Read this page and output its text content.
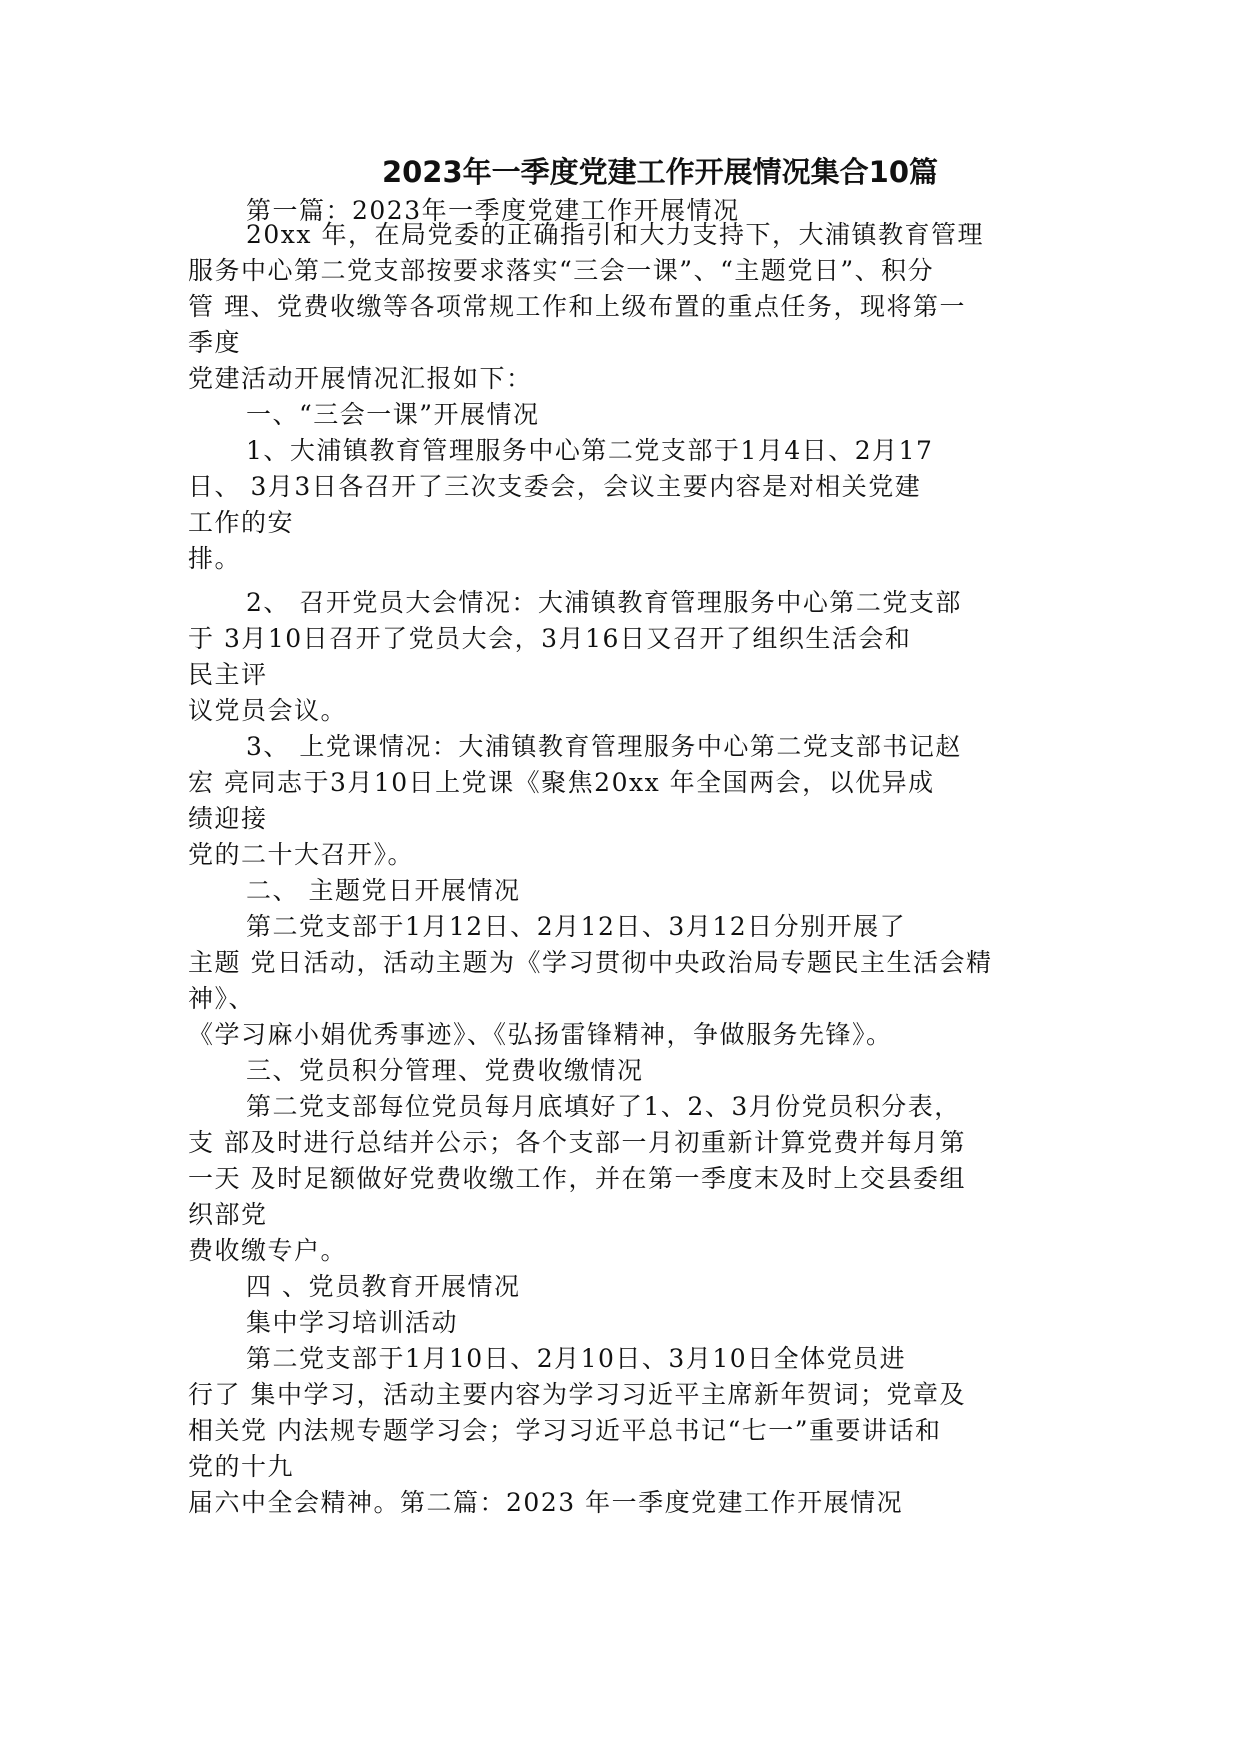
2023年一季度党建工作开展情况集合10篇
第一篇：2023年一季度党建工作开展情况
20xx 年，在局党委的正确指引和大力支持下，大浦镇教育管理
服务中心第二党支部按要求落实“三会一课”、“主题党日”、积分
管 理、党费收缴等各项常规工作和上级布置的重点任务，现将第一
季度
党建活动开展情况汇报如下：
一、“三会一课”开展情况
1、大浦镇教育管理服务中心第二党支部于1月4日、2月17
日、 3月3日各召开了三次支委会，会议主要内容是对相关党建
工作的安
排。
2、 召开党员大会情况：大浦镇教育管理服务中心第二党支部
于 3月10日召开了党员大会，3月16日又召开了组织生活会和
民主评
议党员会议。
3、 上党课情况：大浦镇教育管理服务中心第二党支部书记赵
宏 亮同志于3月10日上党课《聚焦20xx 年全国两会，以优异成
绩迎接
党的二十大召开》。
二、 主题党日开展情况
第二党支部于1月12日、2月12日、3月12日分别开展了
主题 党日活动，活动主题为《学习贯彻中央政治局专题民主生活会精
神》、
《学习麻小娟优秀事迹》、《弘扬雷锋精神，争做服务先锋》。
三、党员积分管理、党费收缴情况
第二党支部每位党员每月底填好了1、2、3月份党员积分表，
支 部及时进行总结并公示；各个支部一月初重新计算党费并每月第
一天 及时足额做好党费收缴工作，并在第一季度末及时上交县委组
织部党
费收缴专户。
四 、党员教育开展情况
集中学习培训活动
第二党支部于1月10日、2月10日、3月10日全体党员进
行了 集中学习，活动主要内容为学习习近平主席新年贺词；党章及
相关党 内法规专题学习会；学习习近平总书记“七一”重要讲话和
党的十九
届六中全会精神。第二篇：2023 年一季度党建工作开展情况
